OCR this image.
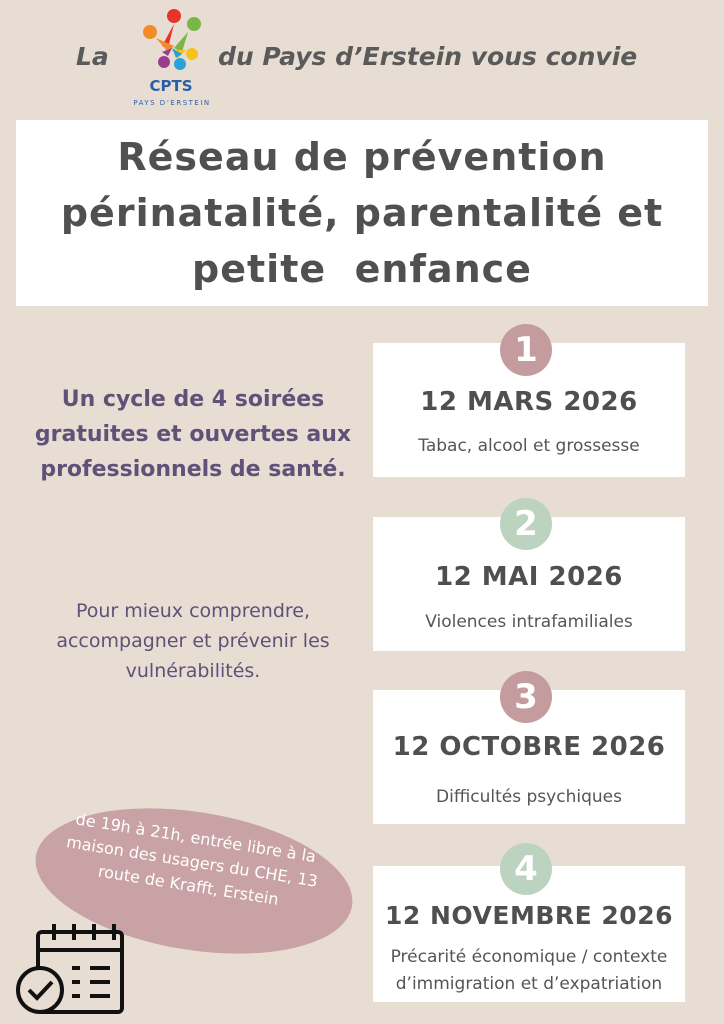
La
CPTS
PAYS D’ERSTEIN
du Pays d’Erstein vous convie
Réseau de prévention
périnatalité, parentalité et
petite  enfance
Un cycle de 4 soirées gratuites et ouvertes aux professionnels de santé.
Pour mieux comprendre, accompagner et prévenir les vulnérabilités.
de 19h à 21h, entrée libre à la maison des usagers du CHE, 13 route de Krafft, Erstein
1
12 MARS 2026
Tabac, alcool et grossesse
2
12 MAI 2026
Violences intrafamiliales
3
12 OCTOBRE 2026
Difficultés psychiques
4
12 NOVEMBRE 2026
Précarité économique / contexte d’immigration et d’expatriation
